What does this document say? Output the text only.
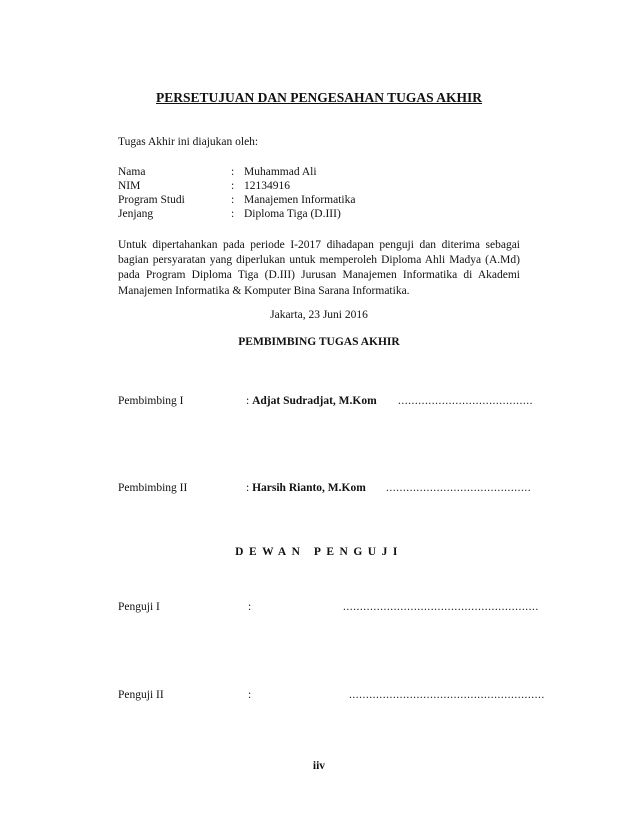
PERSETUJUAN DAN PENGESAHAN TUGAS AKHIR
Tugas Akhir ini diajukan oleh:
Nama	: Muhammad Ali
NIM	: 12134916
Program Studi	: Manajemen Informatika
Jenjang	: Diploma Tiga (D.III)
Untuk dipertahankan pada periode I-2017 dihadapan penguji dan diterima sebagai bagian persyaratan yang diperlukan untuk memperoleh Diploma Ahli Madya (A.Md) pada Program Diploma Tiga (D.III) Jurusan Manajemen Informatika di Akademi Manajemen Informatika & Komputer Bina Sarana Informatika.
Jakarta, 23 Juni 2016
PEMBIMBING TUGAS AKHIR
Pembimbing I	: Adjat Sudradjat, M.Kom ........................................
Pembimbing II	: Harsih Rianto, M.Kom ...........................................
DEWAN PENGUJI
Penguji I	:	..........................................................
Penguji II	:	..........................................................
iiv
